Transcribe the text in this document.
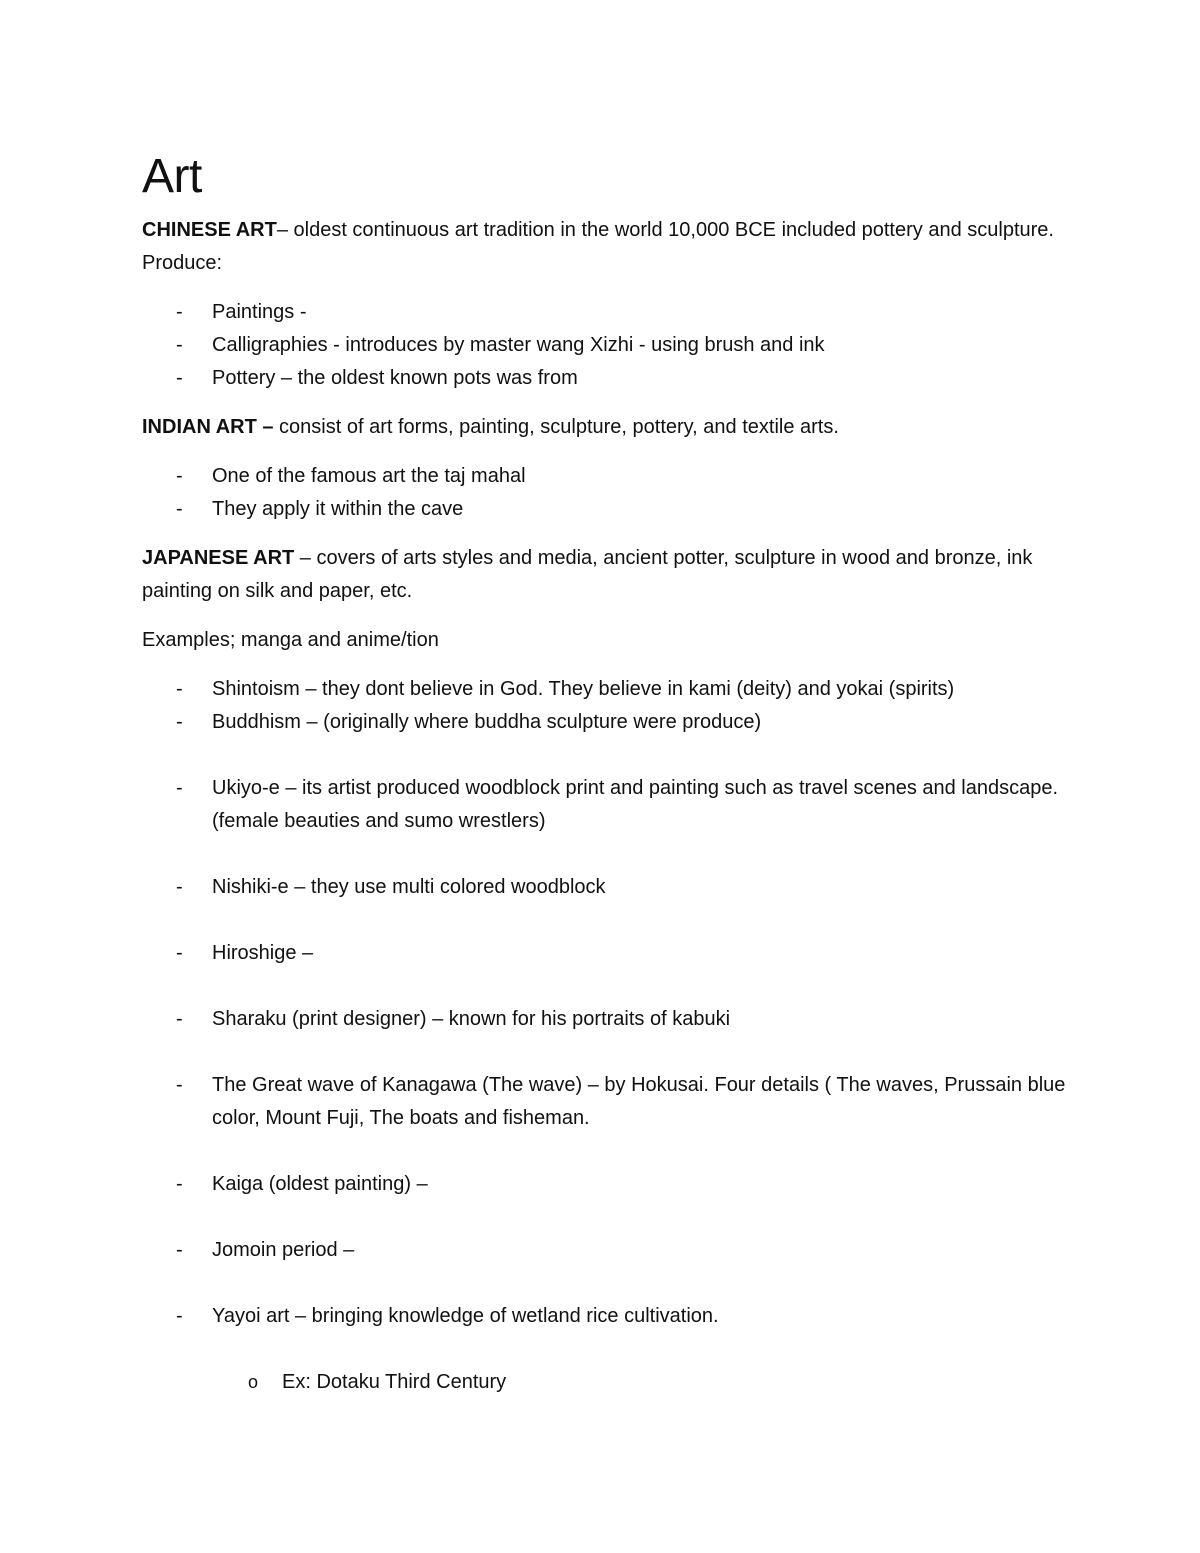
Art

CHINESE ART– oldest continuous art tradition in the world 10,000 BCE included pottery and sculpture. Produce:

- Paintings -
- Calligraphies - introduces by master wang Xizhi - using brush and ink
- Pottery – the oldest known pots was from

INDIAN ART – consist of art forms, painting, sculpture, pottery, and textile arts.

- One of the famous art the taj mahal
- They apply it within the cave

JAPANESE ART – covers of arts styles and media, ancient potter, sculpture in wood and bronze, ink painting on silk and paper, etc.

Examples; manga and anime/tion

- Shintoism – they dont believe in God. They believe in kami (deity) and yokai (spirits)
- Buddhism – (originally where buddha sculpture were produce)
- Ukiyo-e – its artist produced woodblock print and painting such as travel scenes and landscape. (female beauties and sumo wrestlers)
- Nishiki-e – they use multi colored woodblock
- Hiroshige –
- Sharaku (print designer) – known for his portraits of kabuki
- The Great wave of Kanagawa (The wave) – by Hokusai. Four details ( The waves, Prussain blue color, Mount Fuji, The boats and fisheman.
- Kaiga (oldest painting) –
- Jomoin period –
- Yayoi art – bringing knowledge of wetland rice cultivation.
o Ex: Dotaku Third Century
